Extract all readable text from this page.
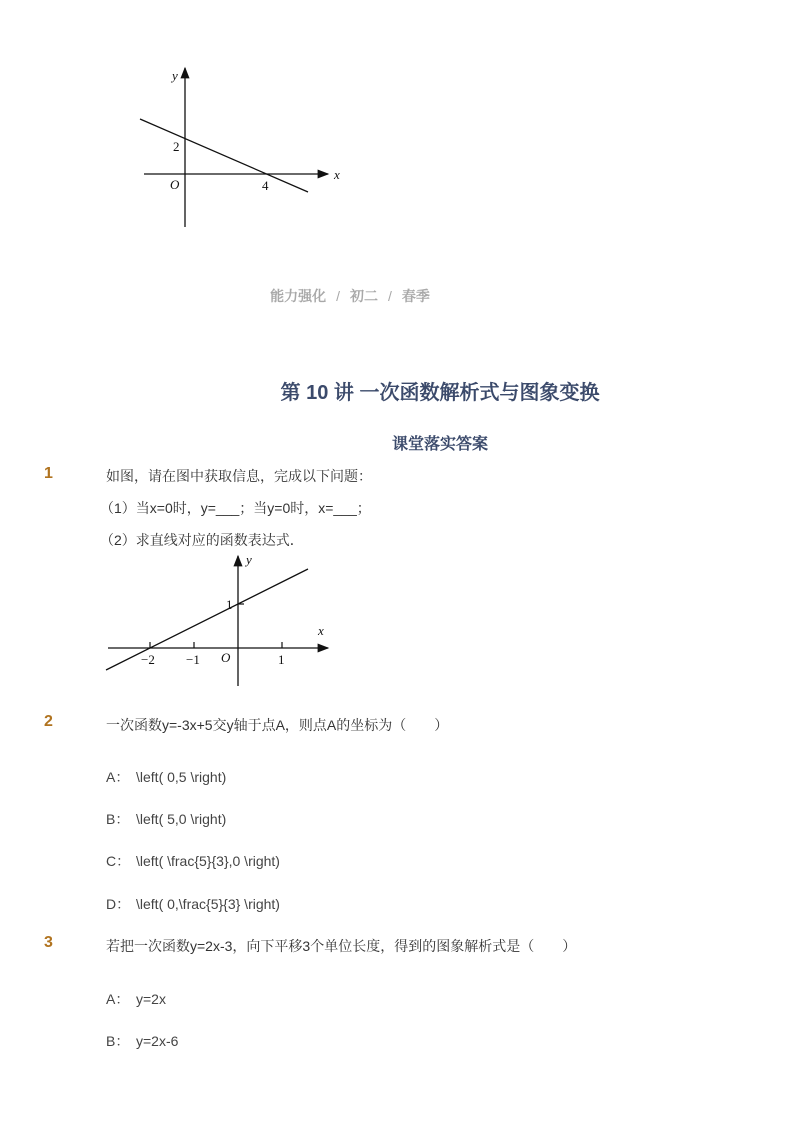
y
x
O
2
4
能力强化 / 初二 / 春季
第 10 讲 一次函数解析式与图象变换
课堂落实答案
1	如图，请在图中获取信息，完成以下问题：
（1）当x=0时，y=___；当y=0时，x=___；
（2）求直线对应的函数表达式．
y
x
O
1
−2 −1	1
2	一次函数y=-3x+5交y轴于点A，则点A的坐标为（　　）
A： \left( 0,5 \right)
B： \left( 5,0 \right)
C： \left( \frac{5}{3},0 \right)
D： \left( 0,\frac{5}{3} \right)
3	若把一次函数y=2x-3，向下平移3个单位长度，得到的图象解析式是（　　）
A： y=2x
B： y=2x-6
